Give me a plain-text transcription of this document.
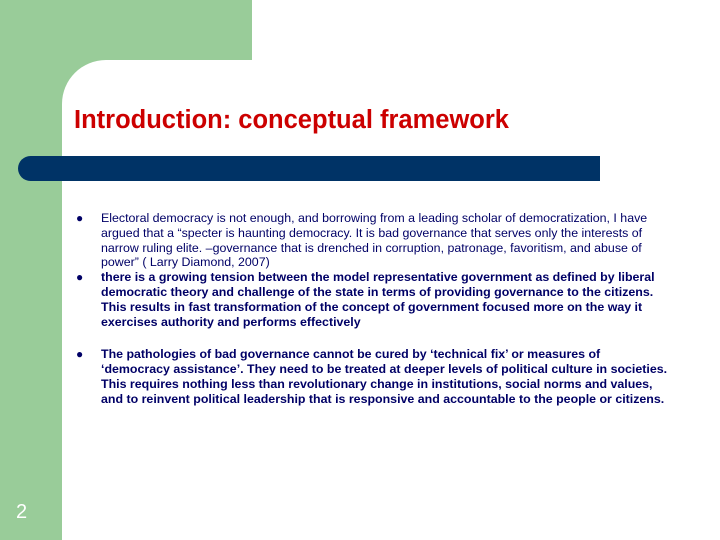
Introduction: conceptual framework
● Electoral democracy is not enough, and borrowing from a leading scholar of democratization, I have argued that a “specter is haunting democracy. It is bad governance that serves only the interests of narrow ruling elite. –governance that is drenched in corruption, patronage, favoritism, and abuse of power” ( Larry Diamond, 2007)
● there is a growing tension between the model representative government as defined by liberal democratic theory and challenge of the state in terms of providing governance to the citizens. This results in fast transformation of the concept of government focused more on the way it exercises authority and performs effectively
● The pathologies of bad governance cannot be cured by ‘technical fix’ or measures of ‘democracy assistance’. They need to be treated at deeper levels of political culture in societies. This requires nothing less than revolutionary change in institutions, social norms and values, and to reinvent political leadership that is responsive and accountable to the people or citizens.
2
